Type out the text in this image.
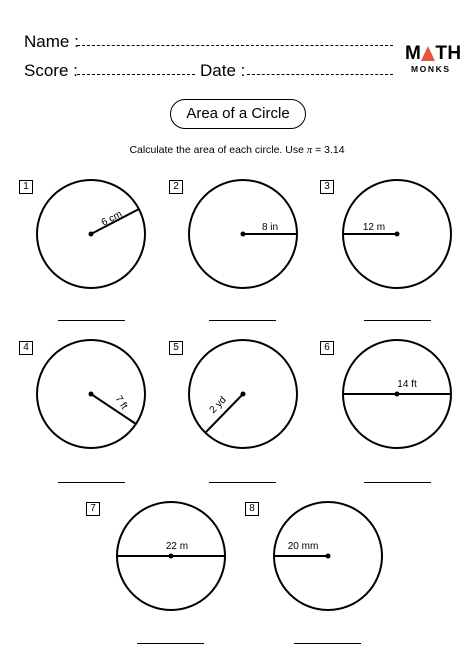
Name :
Score :	Date :
M TH
MONKS
Area of a Circle
Calculate the area of each circle. Use π = 3.14
1	2	3
4	5	6
7	8
6 cm	8 in	12 m
7 ft	2 yd
14 ft
22 m	20 mm
